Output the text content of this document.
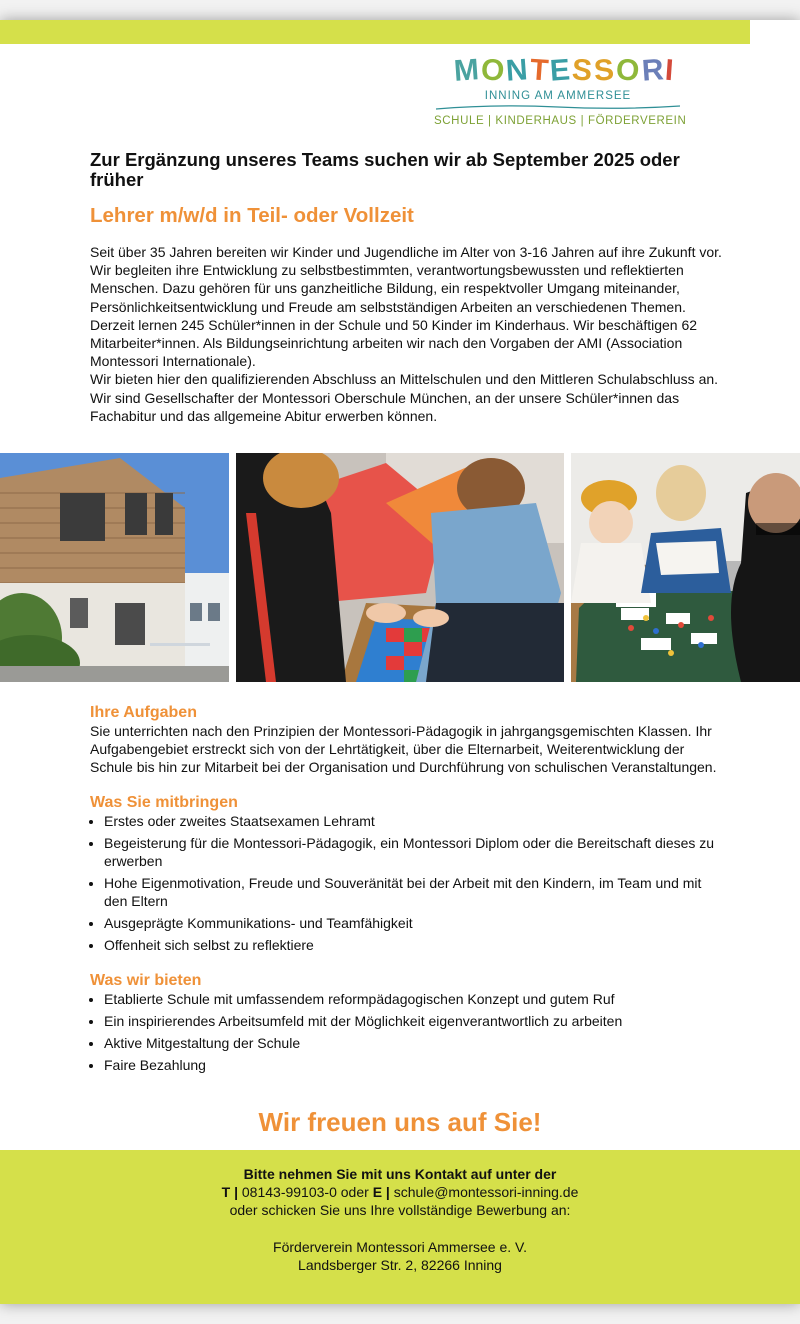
MONTESSORI
INNING AM AMMERSEE
SCHULE | KINDERHAUS | FÖRDERVEREIN
Zur Ergänzung unseres Teams suchen wir ab September 2025 oder früher
Lehrer m/w/d in Teil- oder Vollzeit

Seit über 35 Jahren bereiten wir Kinder und Jugendliche im Alter von 3-16 Jahren auf ihre Zukunft vor. Wir begleiten ihre Entwicklung zu selbstbestimmten, verantwortungsbewussten und reflektierten Menschen. Dazu gehören für uns ganzheitliche Bildung, ein respektvoller Umgang miteinander, Persönlichkeitsentwicklung und Freude am selbstständigen Arbeiten an verschiedenen Themen. Derzeit lernen 245 Schüler*innen in der Schule und 50 Kinder im Kinderhaus. Wir beschäftigen 62 Mitarbeiter*innen. Als Bildungseinrichtung arbeiten wir nach den Vorgaben der AMI (Association Montessori Internationale).
Wir bieten hier den qualifizierenden Abschluss an Mittelschulen und den Mittleren Schulabschluss an. Wir sind Gesellschafter der Montessori Oberschule München, an der unsere Schüler*innen das Fachabitur und das allgemeine Abitur erwerben können.

Ihre Aufgaben

Sie unterrichten nach den Prinzipien der Montessori-Pädagogik in jahrgangsgemischten Klassen. Ihr Aufgabengebiet erstreckt sich von der Lehrtätigkeit, über die Elternarbeit, Weiterentwicklung der Schule bis hin zur Mitarbeit bei der Organisation und Durchführung von schulischen Veranstaltungen.

Was Sie mitbringen
• Erstes oder zweites Staatsexamen Lehramt
• Begeisterung für die Montessori-Pädagogik, ein Montessori Diplom oder die Bereitschaft dieses zu erwerben
• Hohe Eigenmotivation, Freude und Souveränität bei der Arbeit mit den Kindern, im Team und mit den Eltern
• Ausgeprägte Kommunikations- und Teamfähigkeit
• Offenheit sich selbst zu reflektiere
Was wir bieten
• Etablierte Schule mit umfassendem reformpädagogischen Konzept und gutem Ruf
• Ein inspirierendes Arbeitsumfeld mit der Möglichkeit eigenverantwortlich zu arbeiten
• Aktive Mitgestaltung der Schule
• Faire Bezahlung
Wir freuen uns auf Sie!

Bitte nehmen Sie mit uns Kontakt auf unter der

T | 08143-99103-0 oder E | schule@montessori-inning.de

oder schicken Sie uns Ihre vollständige Bewerbung an:

Förderverein Montessori Ammersee e. V.

Landsberger Str. 2, 82266 Inning
